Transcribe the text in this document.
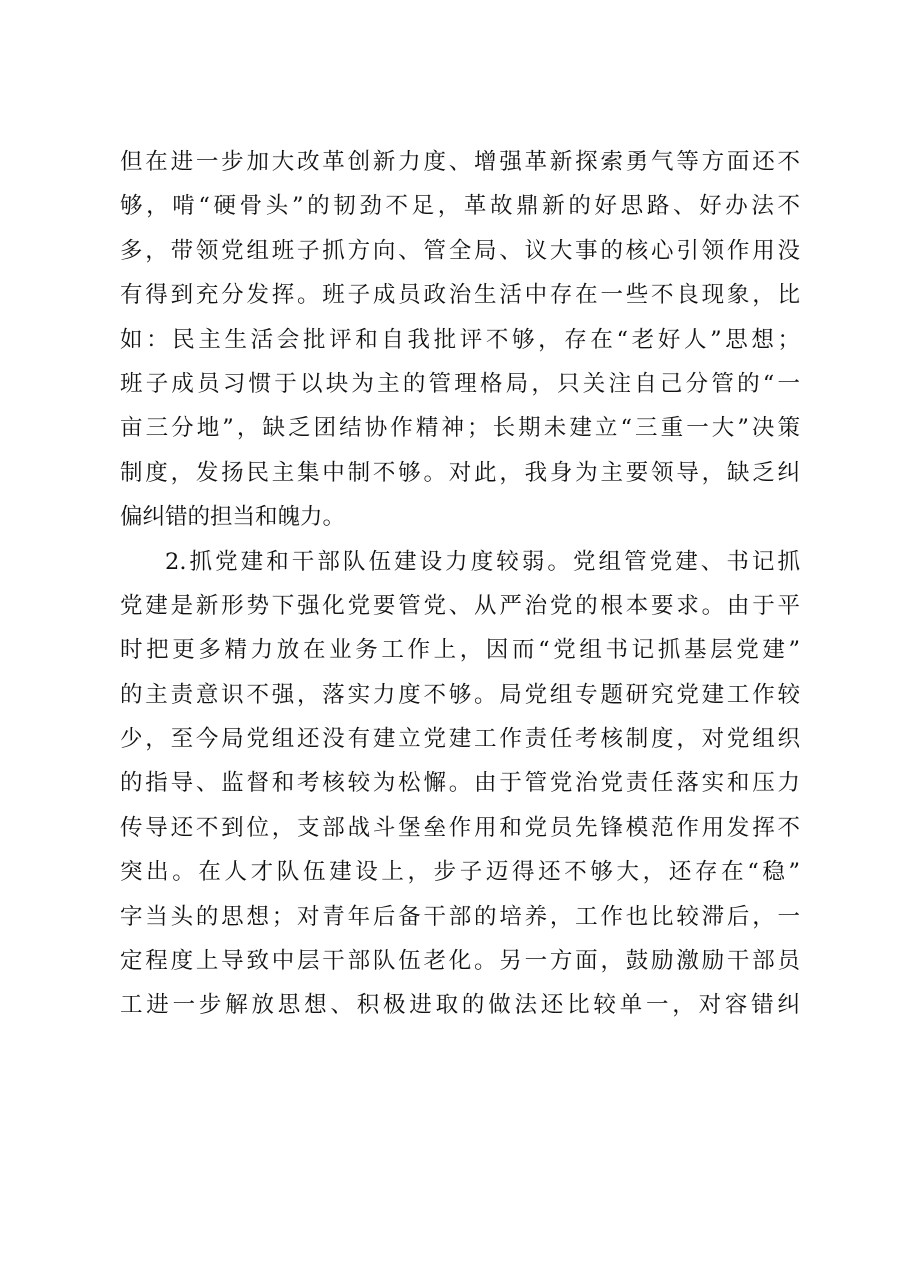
但在进一步加大改革创新力度、增强革新探索勇气等方面还不
够，啃“硬骨头”的韧劲不足，革故鼎新的好思路、好办法不
多，带领党组班子抓方向、管全局、议大事的核心引领作用没
有得到充分发挥。班子成员政治生活中存在一些不良现象，比
如：民主生活会批评和自我批评不够，存在“老好人”思想；
班子成员习惯于以块为主的管理格局，只关注自己分管的“一
亩三分地”，缺乏团结协作精神；长期未建立“三重一大”决策
制度，发扬民主集中制不够。对此，我身为主要领导，缺乏纠
偏纠错的担当和魄力。
2.抓党建和干部队伍建设力度较弱。党组管党建、书记抓
党建是新形势下强化党要管党、从严治党的根本要求。由于平
时把更多精力放在业务工作上，因而“党组书记抓基层党建”
的主责意识不强，落实力度不够。局党组专题研究党建工作较
少，至今局党组还没有建立党建工作责任考核制度，对党组织
的指导、监督和考核较为松懈。由于管党治党责任落实和压力
传导还不到位，支部战斗堡垒作用和党员先锋模范作用发挥不
突出。在人才队伍建设上，步子迈得还不够大，还存在“稳”
字当头的思想；对青年后备干部的培养，工作也比较滞后，一
定程度上导致中层干部队伍老化。另一方面，鼓励激励干部员
工进一步解放思想、积极进取的做法还比较单一，对容错纠
